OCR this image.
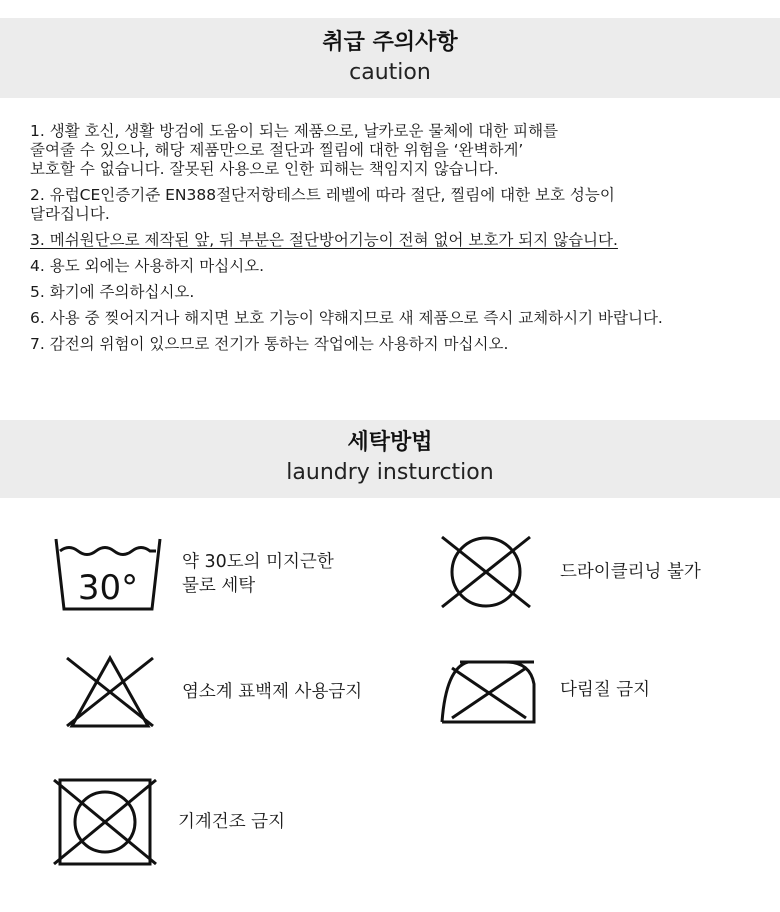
취급 주의사항
caution
1. 생활 호신, 생활 방검에 도움이 되는 제품으로, 날카로운 물체에 대한 피해를
줄여줄 수 있으나, 해당 제품만으로 절단과 찔림에 대한 위험을 ‘완벽하게’
보호할 수 없습니다. 잘못된 사용으로 인한 피해는 책임지지 않습니다.
2. 유럽CE인증기준 EN388절단저항테스트 레벨에 따라 절단, 찔림에 대한 보호 성능이
달라집니다.
3. 메쉬원단으로 제작된 앞, 뒤 부분은 절단방어기능이 전혀 없어 보호가 되지 않습니다.
4. 용도 외에는 사용하지 마십시오.
5. 화기에 주의하십시오.
6. 사용 중 찢어지거나 해지면 보호 기능이 약해지므로 새 제품으로 즉시 교체하시기 바랍니다.
7. 감전의 위험이 있으므로 전기가 통하는 작업에는 사용하지 마십시오.
세탁방법
laundry insturction
30°
약 30도의 미지근한
물로 세탁
드라이클리닝 불가
염소계 표백제 사용금지	다림질 금지
기계건조 금지
